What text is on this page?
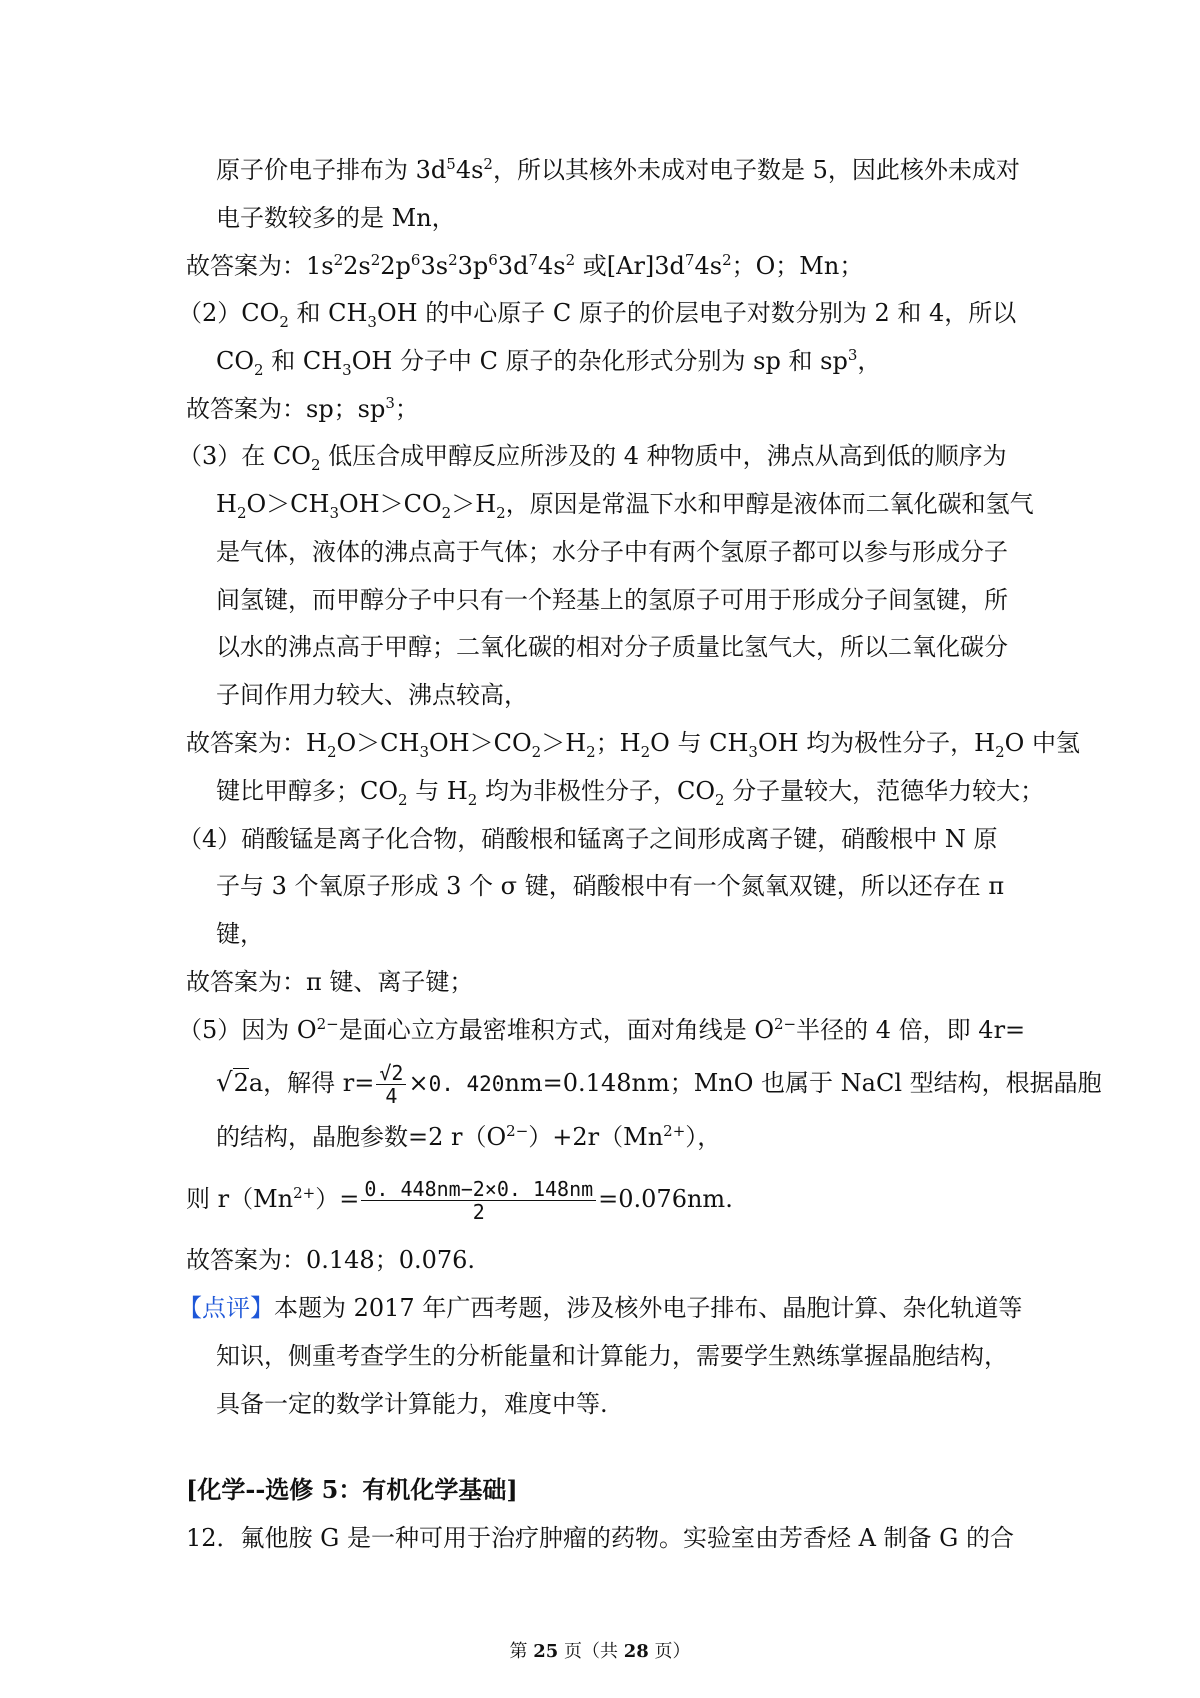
原子价电子排布为 $3d^54s^2$，所以其核外未成对电子数是 5，因此核外未成对
电子数较多的是 Mn，
故答案为：$1s^22s^22p^63s^23p^63d^74s^2$ 或$[Ar]3d^74s^2$；O；Mn；
$(2)CO_2$ 和 $CH_3OH$ 的中心原子 C 原子的价层电子对数分别为 2 和 4，所以
$CO_2$ 和 $CH_3OH$ 分子中 C 原子的杂化形式分别为 sp 和 $sp^3$，
故答案为：sp；$sp^3$；
（3）在 $CO_2$ 低压合成甲醇反应所涉及的 4 种物质中，沸点从高到低的顺序为
$H_2O>CH_3OH>CO_2>H_2$，原因是常温下水和甲醇是液体而二氧化碳和氢气
是气体，液体的沸点高于气体；水分子中有两个氢原子都可以参与形成分子
间氢键，而甲醇分子中只有一个羟基上的氢原子可用于形成分子间氢键，所
以水的沸点高于甲醇；二氧化碳的相对分子质量比氢气大，所以二氧化碳分
子间作用力较大、沸点较高，
故答案为：$H_2O>CH_3OH>CO_2>H_2$；$H_2O$ 与 $CH_3OH$ 均为极性分子，$H_2O$ 中氢
键比甲醇多；$CO_2$ 与 $H_2$ 均为非极性分子，$CO_2$ 分子量较大，范德华力较大；
（4）硝酸锰是离子化合物，硝酸根和锰离子之间形成离子键，硝酸根中 N 原
子与 3 个氧原子形成 3 个 σ 键，硝酸根中有一个氮氧双键，所以还存在 π
键，
故答案为：π 键、离子键；
（5）因为 $O^{2-}$是面心立方最密堆积方式，面对角线是 $O^{2-}$半径的 4 倍，即 4r=
√2a，解得 $r= \frac{√2}{4} \times 0$. 420nm=0.148nm；MnO 也属于 NaCl 型结构，根据晶胞
的结构，晶胞参数=2 $r(O^{2-})+2r(Mn^{2+})$，
则 $r(Mn^{2+})= \frac{0. 448nm-2\times 0. 148nm}{2} =0.076nm$.
故答案为：0.148；0.076.
【点评】本题为 2017 年广西考题，涉及核外电子排布、晶胞计算、杂化轨道等
知识，侧重考查学生的分析能量和计算能力，需要学生熟练掌握晶胞结构，
具备一定的数学计算能力，难度中等.
[化学--选修 5：有机化学基础]
12．氟他胺 G 是一种可用于治疗肿瘤的药物。实验室由芳香烃 A 制备 G 的合
第 25 页（共 28 页）
